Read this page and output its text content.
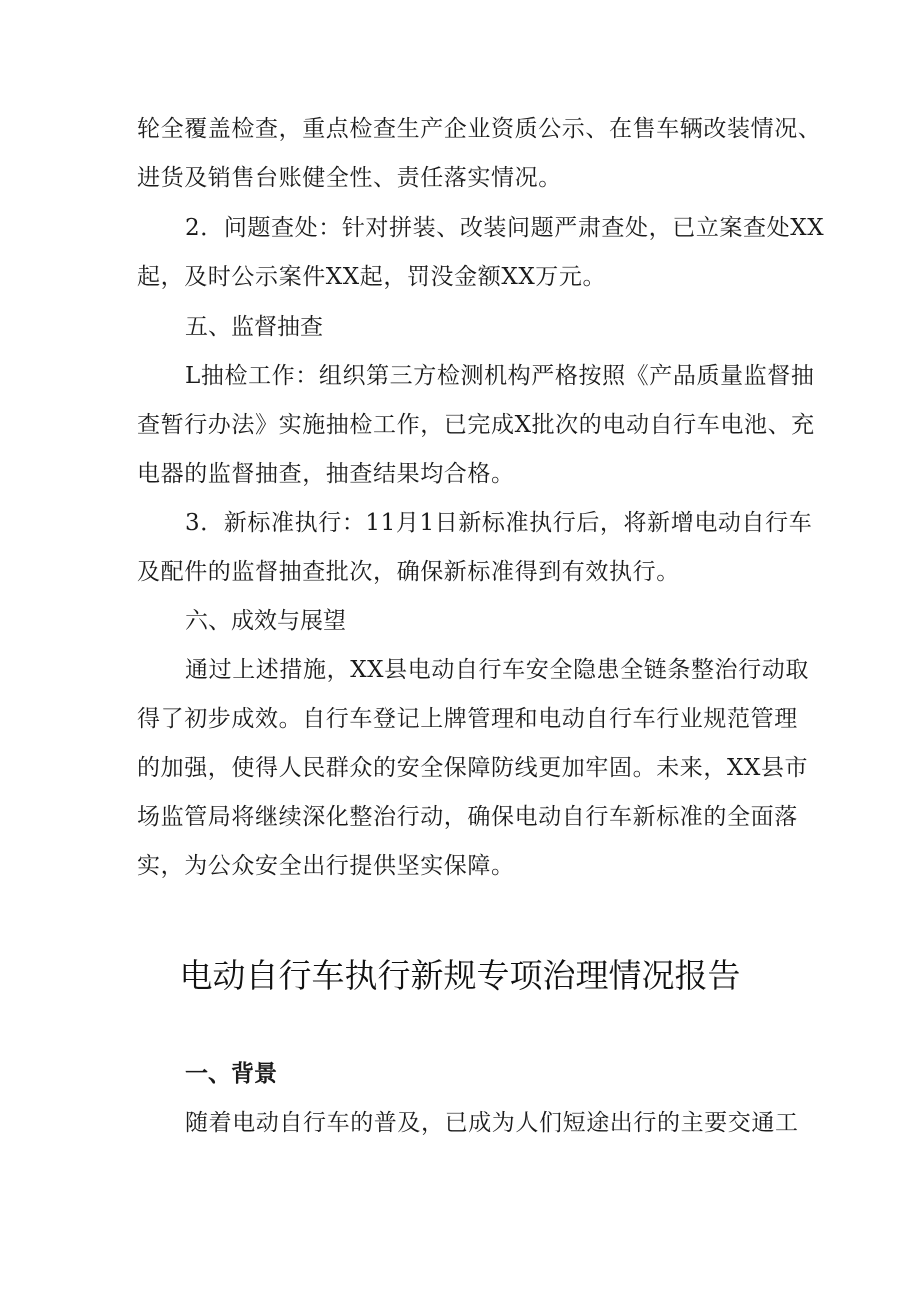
轮全覆盖检查，重点检查生产企业资质公示、在售车辆改装情况、
进货及销售台账健全性、责任落实情况。
2．问题查处：针对拼装、改装问题严肃查处，已立案查处XX
起，及时公示案件XX起，罚没金额XX万元。
五、监督抽查
L抽检工作：组织第三方检测机构严格按照《产品质量监督抽
查暂行办法》实施抽检工作，已完成X批次的电动自行车电池、充
电器的监督抽查，抽查结果均合格。
3．新标准执行：11月1日新标准执行后，将新增电动自行车
及配件的监督抽查批次，确保新标准得到有效执行。
六、成效与展望
通过上述措施，XX县电动自行车安全隐患全链条整治行动取
得了初步成效。自行车登记上牌管理和电动自行车行业规范管理
的加强，使得人民群众的安全保障防线更加牢固。未来，XX县市
场监管局将继续深化整治行动，确保电动自行车新标准的全面落
实，为公众安全出行提供坚实保障。
电动自行车执行新规专项治理情况报告
一、背景
随着电动自行车的普及，已成为人们短途出行的主要交通工
